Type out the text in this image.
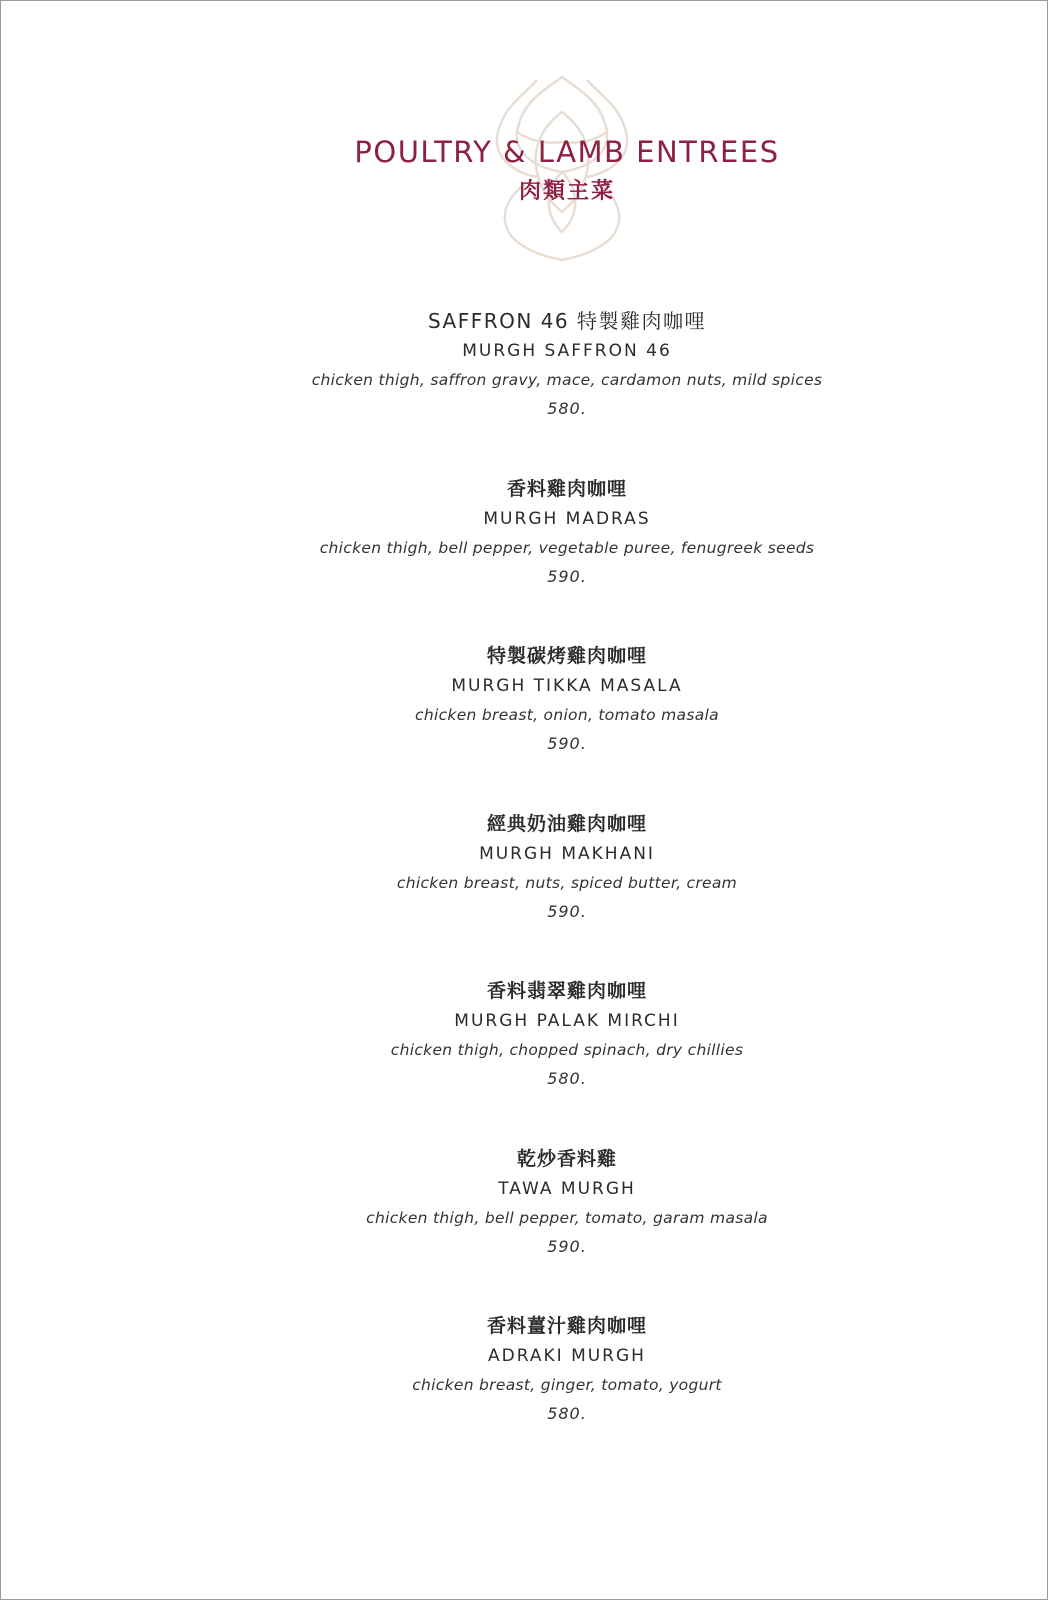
POULTRY & LAMB ENTREES
肉類主菜
SAFFRON 46 特製雞肉咖哩
MURGH SAFFRON 46
chicken thigh, saffron gravy, mace, cardamon nuts, mild spices
580.
香料雞肉咖哩
MURGH MADRAS
chicken thigh, bell pepper, vegetable puree, fenugreek seeds
590.
特製碳烤雞肉咖哩
MURGH TIKKA MASALA
chicken breast, onion, tomato masala
590.
經典奶油雞肉咖哩
MURGH MAKHANI
chicken breast, nuts, spiced butter, cream
590.
香料翡翠雞肉咖哩
MURGH PALAK MIRCHI
chicken thigh, chopped spinach, dry chillies
580.
乾炒香料雞
TAWA MURGH
chicken thigh, bell pepper, tomato, garam masala
590.
香料薑汁雞肉咖哩
ADRAKI MURGH
chicken breast, ginger, tomato, yogurt
580.
